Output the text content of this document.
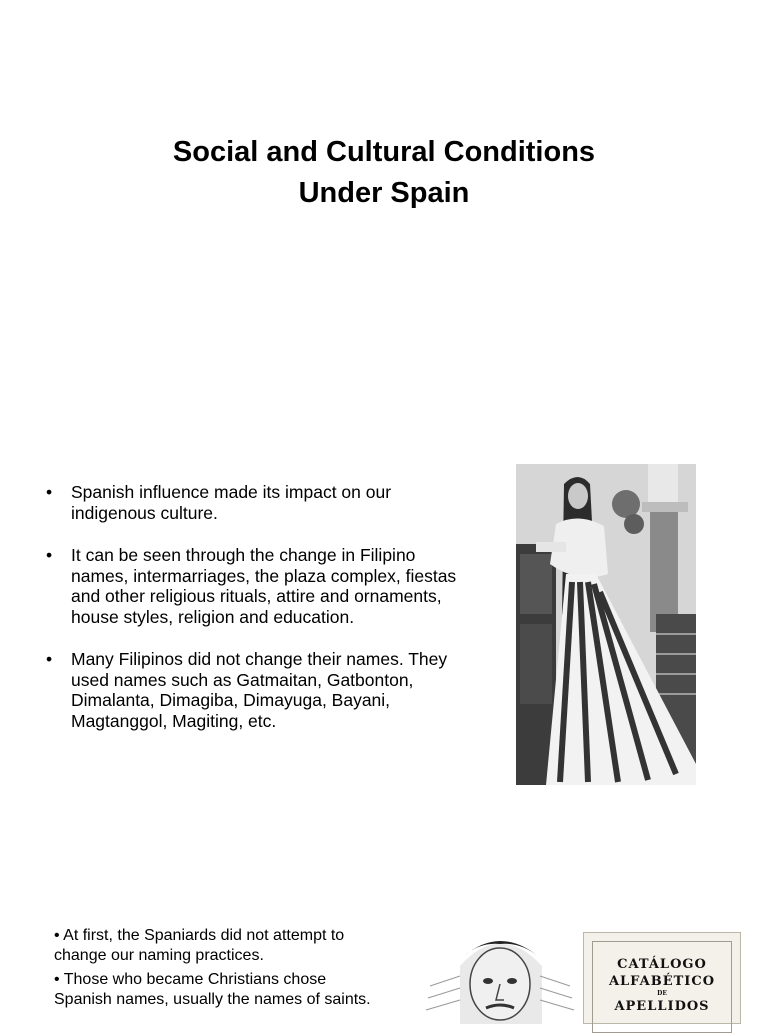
Social and Cultural Conditions
Under Spain
• Spanish influence made its impact on our indigenous culture.
• It can be seen through the change in Filipino names, intermarriages, the plaza complex, fiestas and other religious rituals, attire and ornaments, house styles, religion and education.
• Many Filipinos did not change their names. They used names such as Gatmaitan, Gatbonton, Dimalanta, Dimagiba, Dimayuga, Bayani, Magtanggol, Magiting, etc.
• At first, the Spaniards did not attempt to change our naming practices.
• Those who became Christians chose Spanish names, usually the names of saints.
CATÁLOGO
ALFABÉTICO
DE
APELLIDOS
